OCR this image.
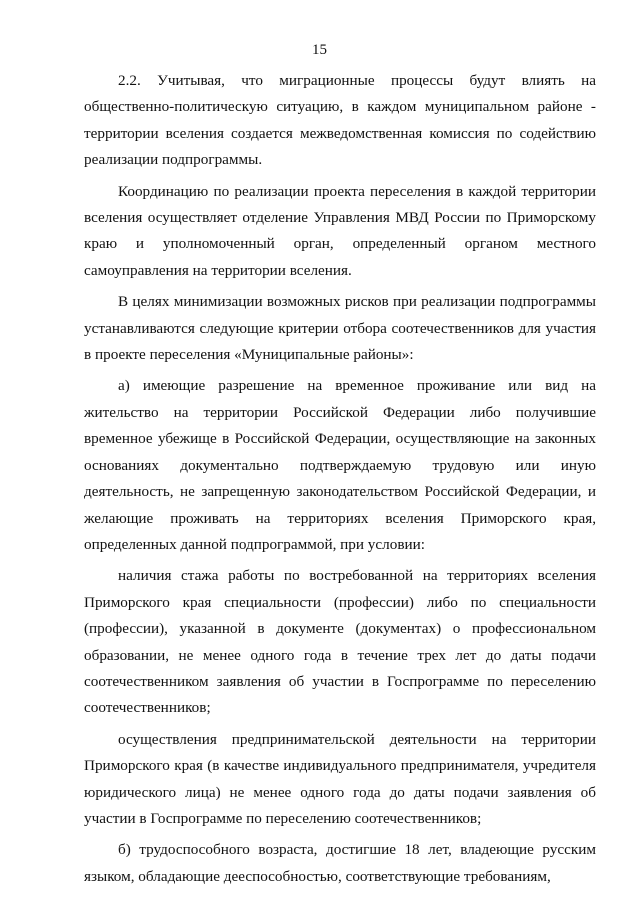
15

2.2. Учитывая, что миграционные процессы будут влиять на общественно-политическую ситуацию, в каждом муниципальном районе - территории вселения создается межведомственная комиссия по содействию реализации подпрограммы.

Координацию по реализации проекта переселения в каждой территории вселения осуществляет отделение Управления МВД России по Приморскому краю и уполномоченный орган, определенный органом местного самоуправления на территории вселения.

В целях минимизации возможных рисков при реализации подпрограммы устанавливаются следующие критерии отбора соотечественников для участия в проекте переселения «Муниципальные районы»:

а) имеющие разрешение на временное проживание или вид на жительство на территории Российской Федерации либо получившие временное убежище в Российской Федерации, осуществляющие на законных основаниях документально подтверждаемую трудовую или иную деятельность, не запрещенную законодательством Российской Федерации, и желающие проживать на территориях вселения Приморского края, определенных данной подпрограммой, при условии:

наличия стажа работы по востребованной на территориях вселения Приморского края специальности (профессии) либо по специальности (профессии), указанной в документе (документах) о профессиональном образовании, не менее одного года в течение трех лет до даты подачи соотечественником заявления об участии в Госпрограмме по переселению соотечественников;

осуществления предпринимательской деятельности на территории Приморского края (в качестве индивидуального предпринимателя, учредителя юридического лица) не менее одного года до даты подачи заявления об участии в Госпрограмме по переселению соотечественников;

б) трудоспособного возраста, достигшие 18 лет, владеющие русским языком, обладающие дееспособностью, соответствующие требованиям,
